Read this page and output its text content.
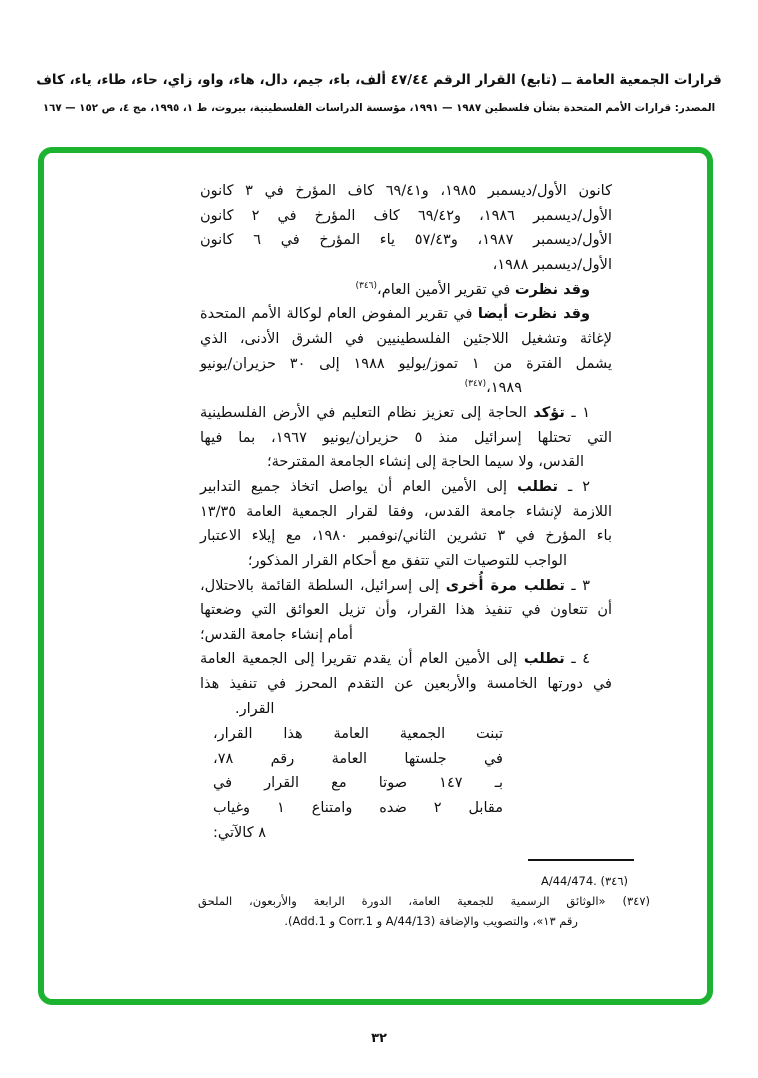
قرارات الجمعية العامة ــ (تابع) القرار الرقم ٤٧/٤٤ ألف، باء، جيم، دال، هاء، واو، زاي، حاء، طاء، ياء، كاف
المصدر: قرارات الأمم المتحدة بشأن فلسطين ١٩٨٧ — ١٩٩١، مؤسسة الدراسات الفلسطينية، بيروت، ط ١، ١٩٩٥، مج ٤، ص ١٥٢ — ١٦٧
كانون الأول/ديسمبر ١٩٨٥، و٦٩/٤١ كاف المؤرخ في ٣ كانون
الأول/ديسمبر ١٩٨٦، و٦٩/٤٢ كاف المؤرخ في ٢ كانون
الأول/ديسمبر ١٩٨٧، و٥٧/٤٣ ياء المؤرخ في ٦ كانون
الأول/ديسمبر ١٩٨٨،
وقد نظرت في تقرير الأمين العام،$^{(٣٤٦)}$
وقد نظرت أيضا في تقرير المفوض العام لوكالة الأمم المتحدة
لإغاثة وتشغيل اللاجئين الفلسطينيين في الشرق الأدنى، الذي
يشمل الفترة من ١ تموز/يوليو ١٩٨٨ إلى ٣٠ حزيران/يونيو
١٩٨٩،$^{(٣٤٧)}$
١ ـ تؤكد الحاجة إلى تعزيز نظام التعليم في الأرض الفلسطينية
التي تحتلها إسرائيل منذ ٥ حزيران/يونيو ١٩٦٧، بما فيها
القدس، ولا سيما الحاجة إلى إنشاء الجامعة المقترحة؛
٢ ـ تطلب إلى الأمين العام أن يواصل اتخاذ جميع التدابير
اللازمة لإنشاء جامعة القدس، وفقا لقرار الجمعية العامة ١٣/٣٥
باء المؤرخ في ٣ تشرين الثاني/نوفمبر ١٩٨٠، مع إيلاء الاعتبار
الواجب للتوصيات التي تتفق مع أحكام القرار المذكور؛
٣ ـ تطلب مرة أُخرى إلى إسرائيل، السلطة القائمة بالاحتلال،
أن تتعاون في تنفيذ هذا القرار، وأن تزيل العوائق التي وضعتها
أمام إنشاء جامعة القدس؛
٤ ـ تطلب إلى الأمين العام أن يقدم تقريرا إلى الجمعية العامة
في دورتها الخامسة والأربعين عن التقدم المحرز في تنفيذ هذا
القرار.
تبنت الجمعية العامة هذا القرار،
في جلستها العامة رقم ٧٨،
بـ ١٤٧ صوتا مع القرار في
مقابل ٢ ضده وامتناع ١ وغياب
٨ كالآتي:
(٣٤٦) A/44/474.
(٣٤٧) «الوثائق الرسمية للجمعية العامة، الدورة الرابعة والأربعون، الملحق
رقم ١٣»، والتصويب والإضافة (A/44/13 و Corr.1 و Add.1).
٣٢
